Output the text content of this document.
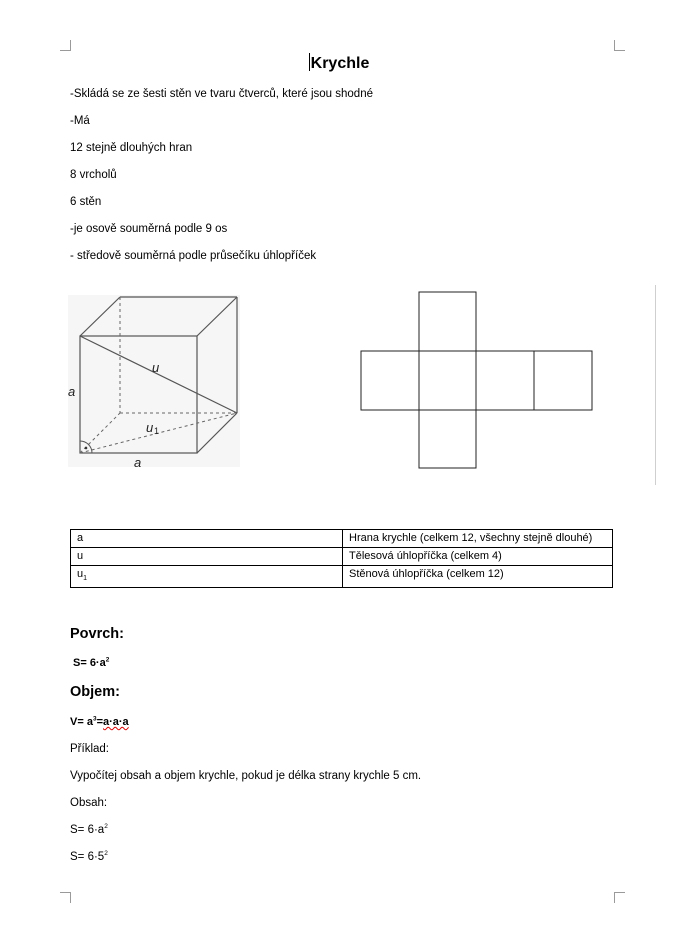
Krychle
-Skládá se ze šesti stěn ve tvaru čtverců, které jsou shodné
-Má
12 stejně dlouhých hran
8 vrcholů
6 stěn
-je osově souměrná podle 9 os
- středově souměrná podle průsečíku úhlopříček
a
a
u
u 1
a	Hrana krychle (celkem 12, všechny stejně dlouhé)
u	Tělesová úhlopříčka (celkem 4)
$u_1$	Stěnová úhlopříčka (celkem 12)
Povrch:
$S= 6\cdot a^2$
Objem:
$V= a^3=a\cdot a\cdot a$
Příklad:
Vypočítej obsah a objem krychle, pokud je délka strany krychle 5 cm.
Obsah:
$S= 6\cdot a^2$
$S= 6\cdot 5^2$
